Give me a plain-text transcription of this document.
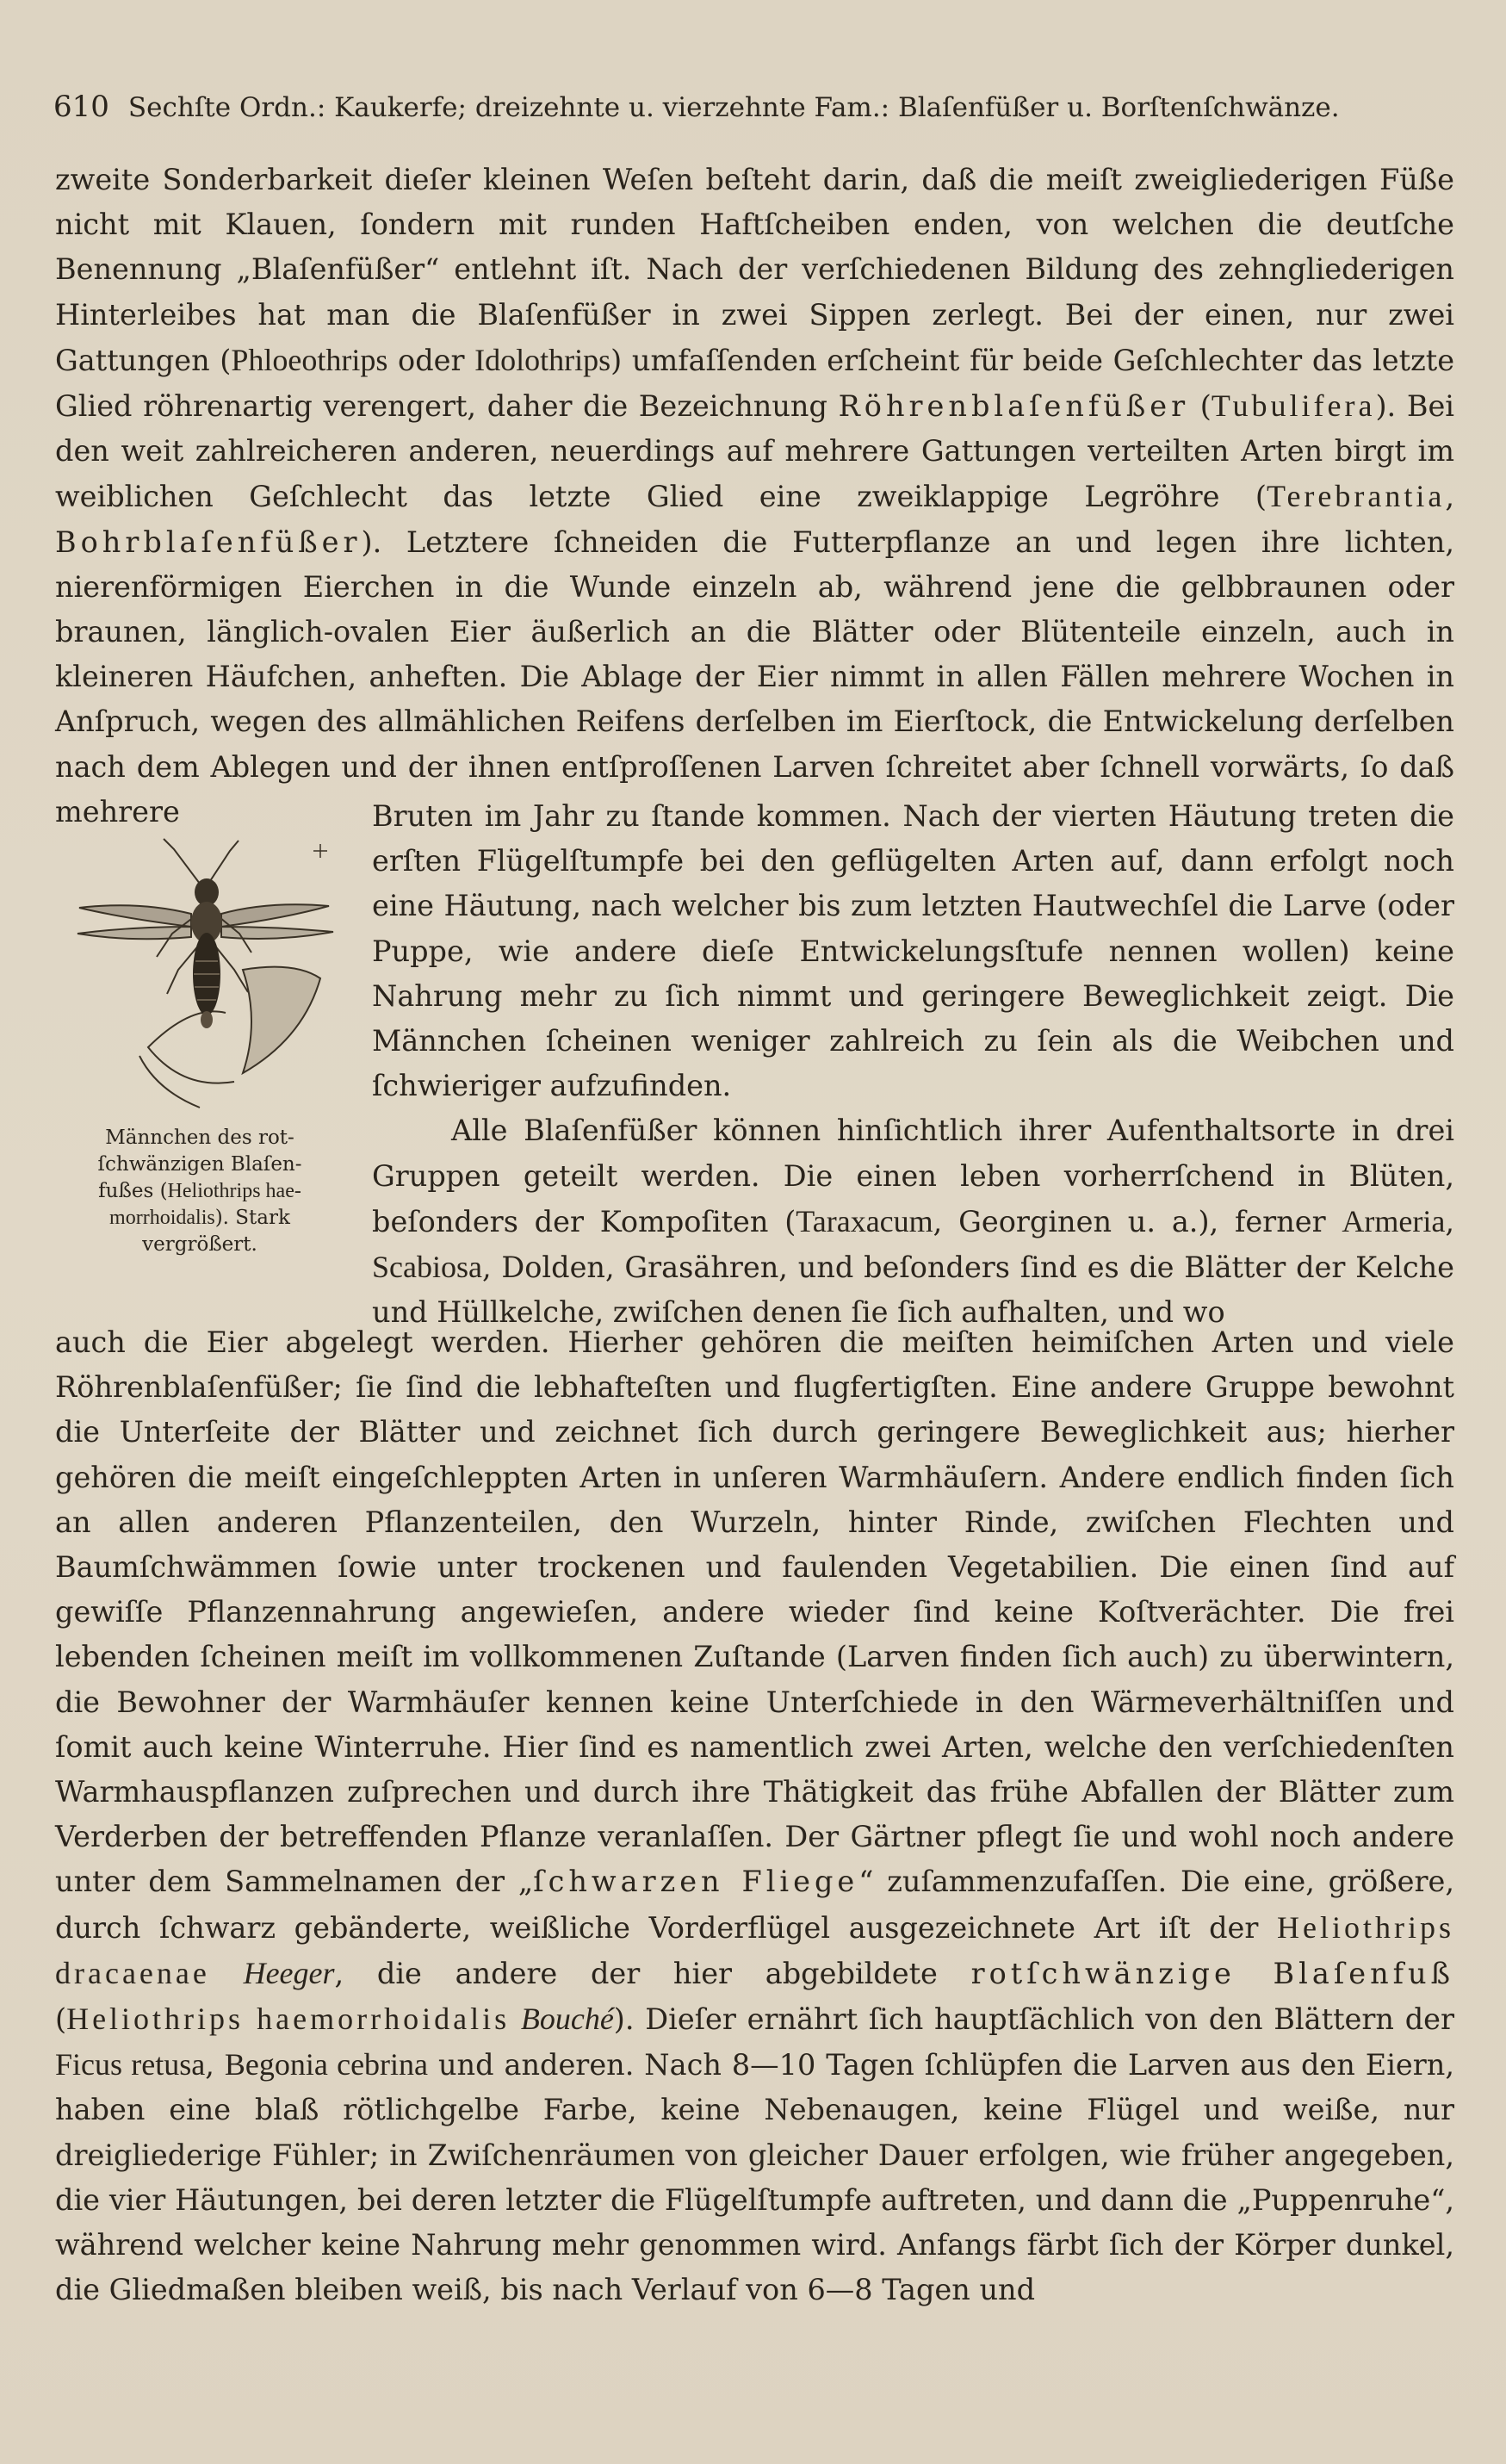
610 Sechſte Ordn.: Kaukerfe; dreizehnte u. vierzehnte Fam.: Blaſenfüßer u. Borſtenſchwänze.

zweite Sonderbarkeit dieſer kleinen Weſen beſteht darin, daß die meiſt zweigliederigen Füße nicht mit Klauen, ſondern mit runden Haftſcheiben enden, von welchen die deutſche Benennung „Blaſenfüßer“ entlehnt iſt. Nach der verſchiedenen Bildung des zehngliederigen Hinterleibes hat man die Blaſenfüßer in zwei Sippen zerlegt. Bei der einen, nur zwei Gattungen (Phloeothrips oder Idolothrips) umfaſſenden erſcheint für beide Geſchlechter das letzte Glied röhrenartig verengert, daher die Bezeichnung Röhrenblaſenfüßer (Tubulifera). Bei den weit zahlreicheren anderen, neuerdings auf mehrere Gattungen verteilten Arten birgt im weiblichen Geſchlecht das letzte Glied eine zweiklappige Legröhre (Terebrantia, Bohrblaſenfüßer). Letztere ſchneiden die Futterpflanze an und legen ihre lichten, nierenförmigen Eierchen in die Wunde einzeln ab, während jene die gelbbraunen oder braunen, länglich-ovalen Eier äußerlich an die Blätter oder Blütenteile einzeln, auch in kleineren Häufchen, anheften. Die Ablage der Eier nimmt in allen Fällen mehrere Wochen in Anſpruch, wegen des allmählichen Reifens derſelben im Eierſtock, die Entwickelung derſelben nach dem Ablegen und der ihnen entſproſſenen Larven ſchreitet aber ſchnell vorwärts, ſo daß mehrere

Männchen des rot-
ſchwänzigen Blaſen-
fußes (Heliothrips hae-
morrhoidalis). Stark
vergrößert.

Bruten im Jahr zu ſtande kommen. Nach der vierten Häutung treten die erſten Flügelſtumpfe bei den geflügelten Arten auf, dann erfolgt noch eine Häutung, nach welcher bis zum letzten Hautwechſel die Larve (oder Puppe, wie andere dieſe Entwickelungsſtufe nennen wollen) keine Nahrung mehr zu ſich nimmt und geringere Beweglichkeit zeigt. Die Männchen ſcheinen weniger zahlreich zu ſein als die Weibchen und ſchwieriger aufzufinden.

Alle Blaſenfüßer können hinſichtlich ihrer Aufenthaltsorte in drei Gruppen geteilt werden. Die einen leben vorherrſchend in Blüten, beſonders der Kompoſiten (Taraxacum, Georginen u. a.), ferner Armeria, Scabiosa, Dolden, Grasähren, und beſonders ſind es die Blätter der Kelche und Hüllkelche, zwiſchen denen ſie ſich aufhalten, und wo

auch die Eier abgelegt werden. Hierher gehören die meiſten heimiſchen Arten und viele Röhrenblaſenfüßer; ſie ſind die lebhafteſten und flugfertigſten. Eine andere Gruppe bewohnt die Unterſeite der Blätter und zeichnet ſich durch geringere Beweglichkeit aus; hierher gehören die meiſt eingeſchleppten Arten in unſeren Warmhäuſern. Andere endlich finden ſich an allen anderen Pflanzenteilen, den Wurzeln, hinter Rinde, zwiſchen Flechten und Baumſchwämmen ſowie unter trockenen und faulenden Vegetabilien. Die einen ſind auf gewiſſe Pflanzennahrung angewieſen, andere wieder ſind keine Koſtverächter. Die frei lebenden ſcheinen meiſt im vollkommenen Zuſtande (Larven finden ſich auch) zu überwintern, die Bewohner der Warmhäuſer kennen keine Unterſchiede in den Wärmeverhältniſſen und ſomit auch keine Winterruhe. Hier ſind es namentlich zwei Arten, welche den verſchiedenſten Warmhauspflanzen zuſprechen und durch ihre Thätigkeit das frühe Abfallen der Blätter zum Verderben der betreffenden Pflanze veranlaſſen. Der Gärtner pflegt ſie und wohl noch andere unter dem Sammelnamen der „ſchwarzen Fliege“ zuſammenzufaſſen. Die eine, größere, durch ſchwarz gebänderte, weißliche Vorderflügel ausgezeichnete Art iſt der Heliothrips dracaenae Heeger, die andere der hier abgebildete rotſchwänzige Blaſenfuß (Heliothrips haemorrhoidalis Bouché). Dieſer ernährt ſich hauptſächlich von den Blättern der Ficus retusa, Begonia cebrina und anderen. Nach 8—10 Tagen ſchlüpfen die Larven aus den Eiern, haben eine blaß rötlichgelbe Farbe, keine Nebenaugen, keine Flügel und weiße, nur dreigliederige Fühler; in Zwiſchenräumen von gleicher Dauer erfolgen, wie früher angegeben, die vier Häutungen, bei deren letzter die Flügelſtumpfe auftreten, und dann die „Puppenruhe“, während welcher keine Nahrung mehr genommen wird. Anfangs färbt ſich der Körper dunkel, die Gliedmaßen bleiben weiß, bis nach Verlauf von 6—8 Tagen und
